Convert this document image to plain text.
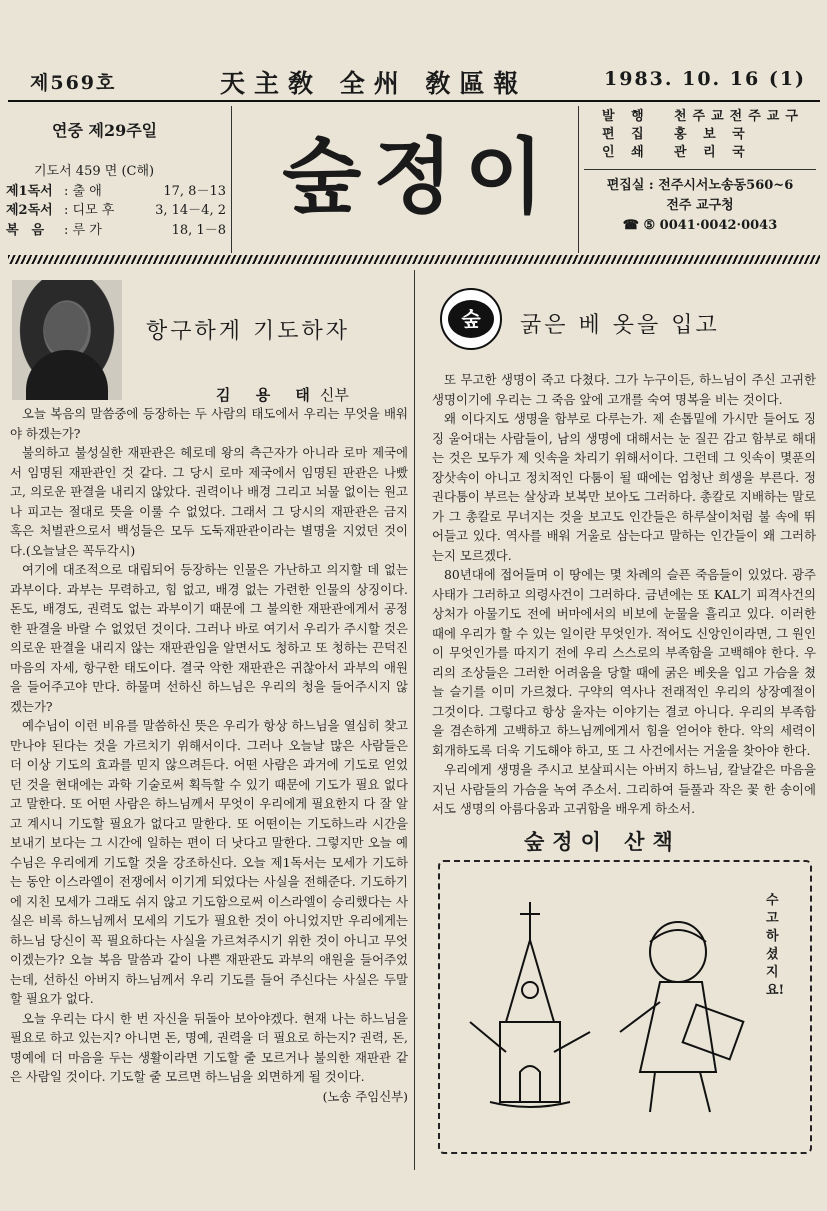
제569호	天主敎 全州 敎區報	1983. 10. 16 (1)
연중 제29주일
기도서 459 면 (C해)
제1독서 : 출 애	17, 8－13
제2독서 : 디모 후	3, 14－4, 2
복　음	: 루 가	18, 1－8
숲정이
발 행	천주교전주교구
편 집	홍 보 국
인 쇄	관 리 국
편집실 : 전주시서노송동560~6
전주 교구청
☎ ⑤ 0041·0042·0043
항구하게 기도하자
김 용 태신부

오늘 복음의 말씀중에 등장하는 두 사람의 태도에서 우리는 무엇을 배워야 하겠는가?

불의하고 불성실한 재판관은 헤로데 왕의 측근자가 아니라 로마 제국에서 임명된 재판관인 것 같다. 그 당시 로마 제국에서 임명된 판관은 나빴고, 의로운 판결을 내리지 않았다. 권력이나 배경 그리고 뇌물 없이는 원고나 피고는 절대로 뜻을 이룰 수 없었다. 그래서 그 당시의 재판관은 금지 혹은 처벌관으로서 백성들은 모두 도둑재판관이라는 별명을 지었던 것이다.(오늘날은 꼭두각시)

여기에 대조적으로 대립되어 등장하는 인물은 가난하고 의지할 데 없는 과부이다. 과부는 무력하고, 힘 없고, 배경 없는 가련한 인물의 상징이다. 돈도, 배경도, 권력도 없는 과부이기 때문에 그 불의한 재판관에게서 공정한 판결을 바랄 수 없었던 것이다. 그러나 바로 여기서 우리가 주시할 것은 의로운 판결을 내리지 않는 재판관임을 알면서도 청하고 또 청하는 끈덕진 마음의 자세, 항구한 태도이다. 결국 악한 재판관은 귀찮아서 과부의 애원을 들어주고야 만다. 하물며 선하신 하느님은 우리의 청을 들어주시지 않겠는가?

예수님이 이런 비유를 말씀하신 뜻은 우리가 항상 하느님을 열심히 찾고 만나야 된다는 것을 가르치기 위해서이다. 그러나 오늘날 많은 사람들은 더 이상 기도의 효과를 믿지 않으려든다. 어떤 사람은 과거에 기도로 얻었던 것을 현대에는 과학 기술로써 획득할 수 있기 때문에 기도가 필요 없다고 말한다. 또 어떤 사람은 하느님께서 무엇이 우리에게 필요한지 다 잘 알고 계시니 기도할 필요가 없다고 말한다. 또 어떤이는 기도하느라 시간을 보내기 보다는 그 시간에 일하는 편이 더 낫다고 말한다. 그렇지만 오늘 예수님은 우리에게 기도할 것을 강조하신다. 오늘 제1독서는 모세가 기도하는 동안 이스라엘이 전쟁에서 이기게 되었다는 사실을 전해준다. 기도하기에 지친 모세가 그래도 쉬지 않고 기도함으로써 이스라엘이 승리했다는 사실은 비록 하느님께서 모세의 기도가 필요한 것이 아니었지만 우리에게는 하느님 당신이 꼭 필요하다는 사실을 가르쳐주시기 위한 것이 아니고 무엇이겠는가? 오늘 복음 말씀과 같이 나쁜 재판관도 과부의 애원을 들어주었는데, 선하신 아버지 하느님께서 우리 기도를 들어 주신다는 사실은 두말할 필요가 없다.

오늘 우리는 다시 한 번 자신을 뒤돌아 보아야겠다. 현재 나는 하느님을 필요로 하고 있는지? 아니면 돈, 명예, 권력을 더 필요로 하는지? 권력, 돈, 명예에 더 마음을 두는 생활이라면 기도할 줄 모르거나 불의한 재판관 같은 사람일 것이다. 기도할 줄 모르면 하느님을 외면하게 될 것이다.

(노송 주임신부)
숲	굵은 베 옷을 입고

또 무고한 생명이 죽고 다쳤다. 그가 누구이든, 하느님이 주신 고귀한 생명이기에 우리는 그 죽음 앞에 고개를 숙여 명복을 비는 것이다.

왜 이다지도 생명을 함부로 다루는가. 제 손톱밑에 가시만 들어도 징징 울어대는 사람들이, 남의 생명에 대해서는 눈 질끈 감고 함부로 해대는 것은 모두가 제 잇속을 차리기 위해서이다. 그런데 그 잇속이 몇푼의 장삿속이 아니고 정치적인 다툼이 될 때에는 엄청난 희생을 부른다. 정권다툼이 부르는 살상과 보복만 보아도 그러하다. 총칼로 지배하는 말로가 그 총칼로 무너지는 것을 보고도 인간들은 하루살이처럼 불 속에 뛰어들고 있다. 역사를 배워 거울로 삼는다고 말하는 인간들이 왜 그러하는지 모르겠다.

80년대에 접어들며 이 땅에는 몇 차례의 슬픈 죽음들이 있었다. 광주사태가 그러하고 의령사건이 그러하다. 금년에는 또 KAL기 피격사건의 상처가 아물기도 전에 버마에서의 비보에 눈물을 흘리고 있다. 이러한 때에 우리가 할 수 있는 일이란 무엇인가. 적어도 신앙인이라면, 그 원인이 무엇인가를 따지기 전에 우리 스스로의 부족함을 고백해야 한다. 우리의 조상들은 그러한 어려움을 당할 때에 굵은 베옷을 입고 가슴을 쳤늘 슬기를 이미 가르쳤다. 구약의 역사나 전래적인 우리의 상장예절이 그것이다. 그렇다고 항상 울자는 이야기는 결코 아니다. 우리의 부족함을 겸손하게 고백하고 하느님께에게서 힘을 얻어야 한다. 악의 세력이 회개하도록 더욱 기도해야 하고, 또 그 사건에서는 거울을 찾아야 한다.

우리에게 생명을 주시고 보살피시는 아버지 하느님, 칼날같은 마음을 지닌 사람들의 가슴을 녹여 주소서. 그리하여 들풀과 작은 꽃 한 송이에서도 생명의 아름다움과 고귀함을 배우게 하소서.

숲정이 산책
수고하셨지요!
